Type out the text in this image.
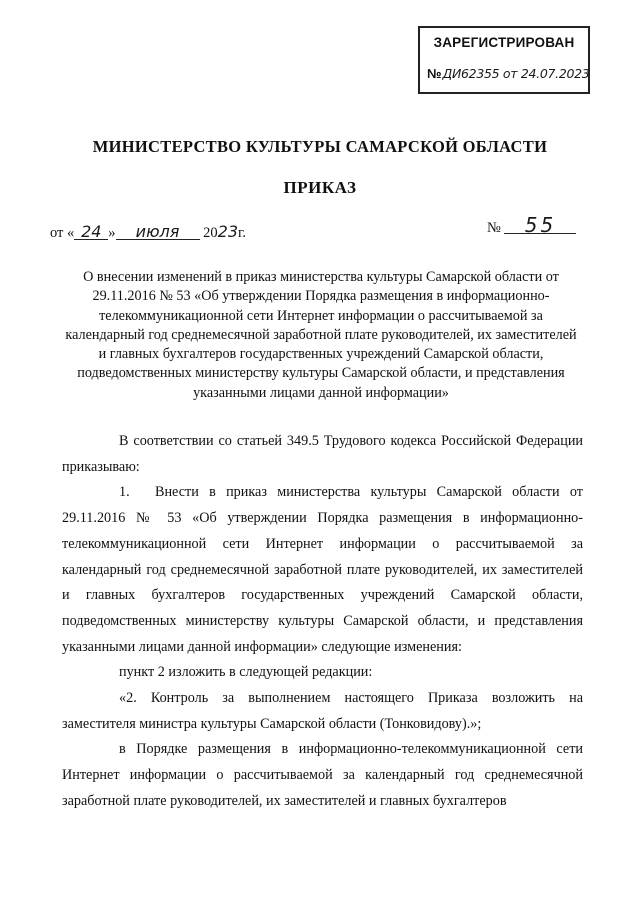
ЗАРЕГИСТРИРОВАН
№ДИ62355 от 24.07.2023
МИНИСТЕРСТВО КУЛЬТУРЫ САМАРСКОЙ ОБЛАСТИ
ПРИКАЗ
от « 24 » июля 2023г.	№ 55
О внесении изменений в приказ министерства культуры Самарской области от 29.11.2016 № 53 «Об утверждении Порядка размещения в информационно-телекоммуникационной сети Интернет информации о рассчитываемой за календарный год среднемесячной заработной плате руководителей, их заместителей и главных бухгалтеров государственных учреждений Самарской области, подведомственных министерству культуры Самарской области, и представления указанными лицами данной информации»

В соответствии со статьей 349.5 Трудового кодекса Российской Федерации приказываю:

1. Внести в приказ министерства культуры Самарской области от 29.11.2016 № 53 «Об утверждении Порядка размещения в информационно-телекоммуникационной сети Интернет информации о рассчитываемой за календарный год среднемесячной заработной плате руководителей, их заместителей и главных бухгалтеров государственных учреждений Самарской области, подведомственных министерству культуры Самарской области, и представления указанными лицами данной информации» следующие изменения:

пункт 2 изложить в следующей редакции:

«2. Контроль за выполнением настоящего Приказа возложить на заместителя министра культуры Самарской области (Тонковидову).»;

в Порядке размещения в информационно-телекоммуникационной сети Интернет информации о рассчитываемой за календарный год среднемесячной заработной плате руководителей, их заместителей и главных бухгалтеров
